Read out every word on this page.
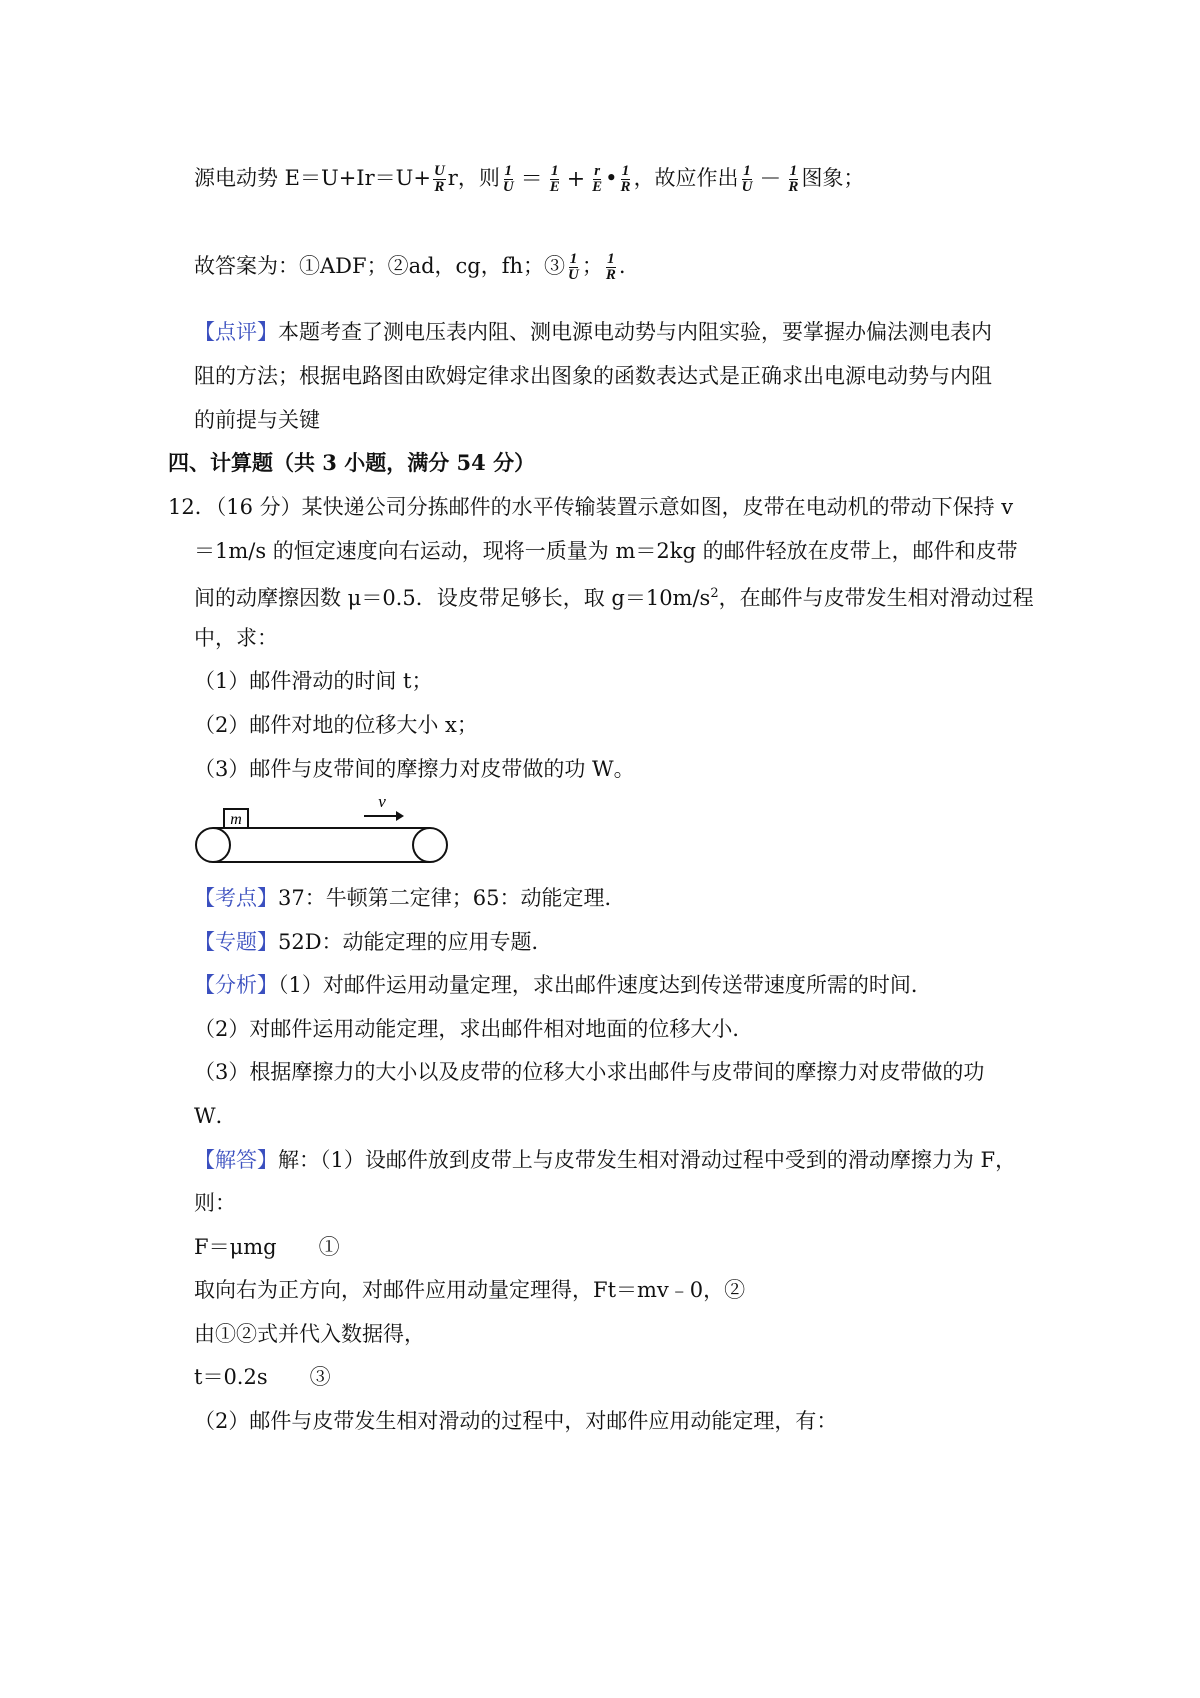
源电动势 $E=U+Ir=U+ \frac{U}{R}$ r，则 $\frac{1}{U} = \frac{1}{E} + \frac{r}{E}$ • $\frac{1}{R}$ ，故应作出 $\frac{1}{U} - \frac{1}{R}$ 图象；
故答案为：①ADF；②ad，cg，fh；③ $\frac{1}{U}$ ； $\frac{1}{R}$ .
【点评】本题考查了测电压表内阻、测电源电动势与内阻实验，要掌握办偏法测电表内
阻的方法；根据电路图由欧姆定律求出图象的函数表达式是正确求出电源电动势与内阻
的前提与关键
四、计算题（共 3 小题，满分 54 分）
12．（16 分）某快递公司分拣邮件的水平传输装置示意如图，皮带在电动机的带动下保持 v
＝1m/s 的恒定速度向右运动，现将一质量为 m＝2kg 的邮件轻放在皮带上，邮件和皮带
间的动摩擦因数 μ＝0.5．设皮带足够长，取 $g=10m/s^2$，在邮件与皮带发生相对滑动过程
中，求：
（1）邮件滑动的时间 t；
（2）邮件对地的位移大小 x；
（3）邮件与皮带间的摩擦力对皮带做的功 W。
m
v
【考点】37：牛顿第二定律；65：动能定理．
【专题】52D：动能定理的应用专题．
【分析】（1）对邮件运用动量定理，求出邮件速度达到传送带速度所需的时间．
（2）对邮件运用动能定理，求出邮件相对地面的位移大小．
（3）根据摩擦力的大小以及皮带的位移大小求出邮件与皮带间的摩擦力对皮带做的功
W．
【解答】解：（1）设邮件放到皮带上与皮带发生相对滑动过程中受到的滑动摩擦力为 F，
则：
F＝μmg　　①
取向右为正方向，对邮件应用动量定理得，Ft＝mv﹣0，②
由①②式并代入数据得，
t＝0.2s　　③
（2）邮件与皮带发生相对滑动的过程中，对邮件应用动能定理，有：
